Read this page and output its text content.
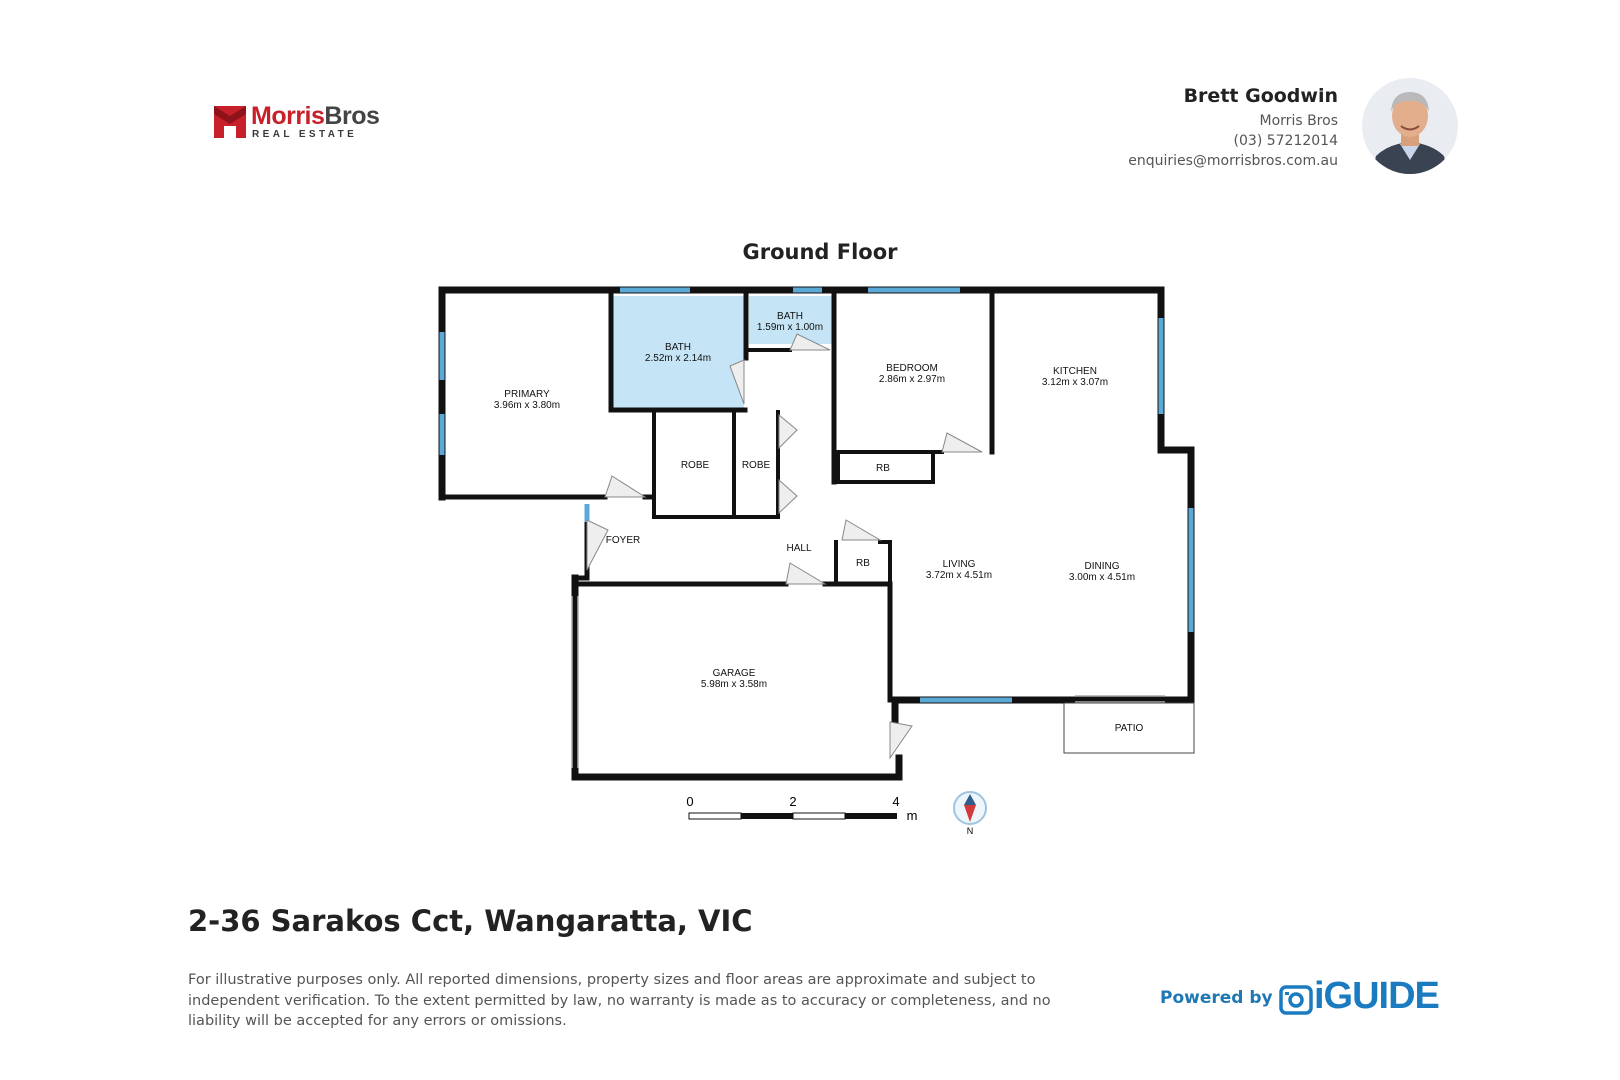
MorrisBros
REAL ESTATE
Brett Goodwin
Morris Bros
(03) 57212014
enquiries@morrisbros.com.au
Ground Floor
PRIMARY
3.96m x 3.80m
BATH
2.52m x 2.14m
BATH
1.59m x 1.00m
BEDROOM
2.86m x 2.97m
KITCHEN
3.12m x 3.07m
ROBE	ROBE	RB
RB
FOYER
HALL
LIVING
3.72m x 4.51m
DINING
3.00m x 4.51m
GARAGE
5.98m x 3.58m
PATIO
0	2	4
m
N
2-36 Sarakos Cct, Wangaratta, VIC
For illustrative purposes only. All reported dimensions, property sizes and floor areas are approximate and subject to independent verification. To the extent permitted by law, no warranty is made as to accuracy or completeness, and no liability will be accepted for any errors or omissions.
Powered by iGUIDE
